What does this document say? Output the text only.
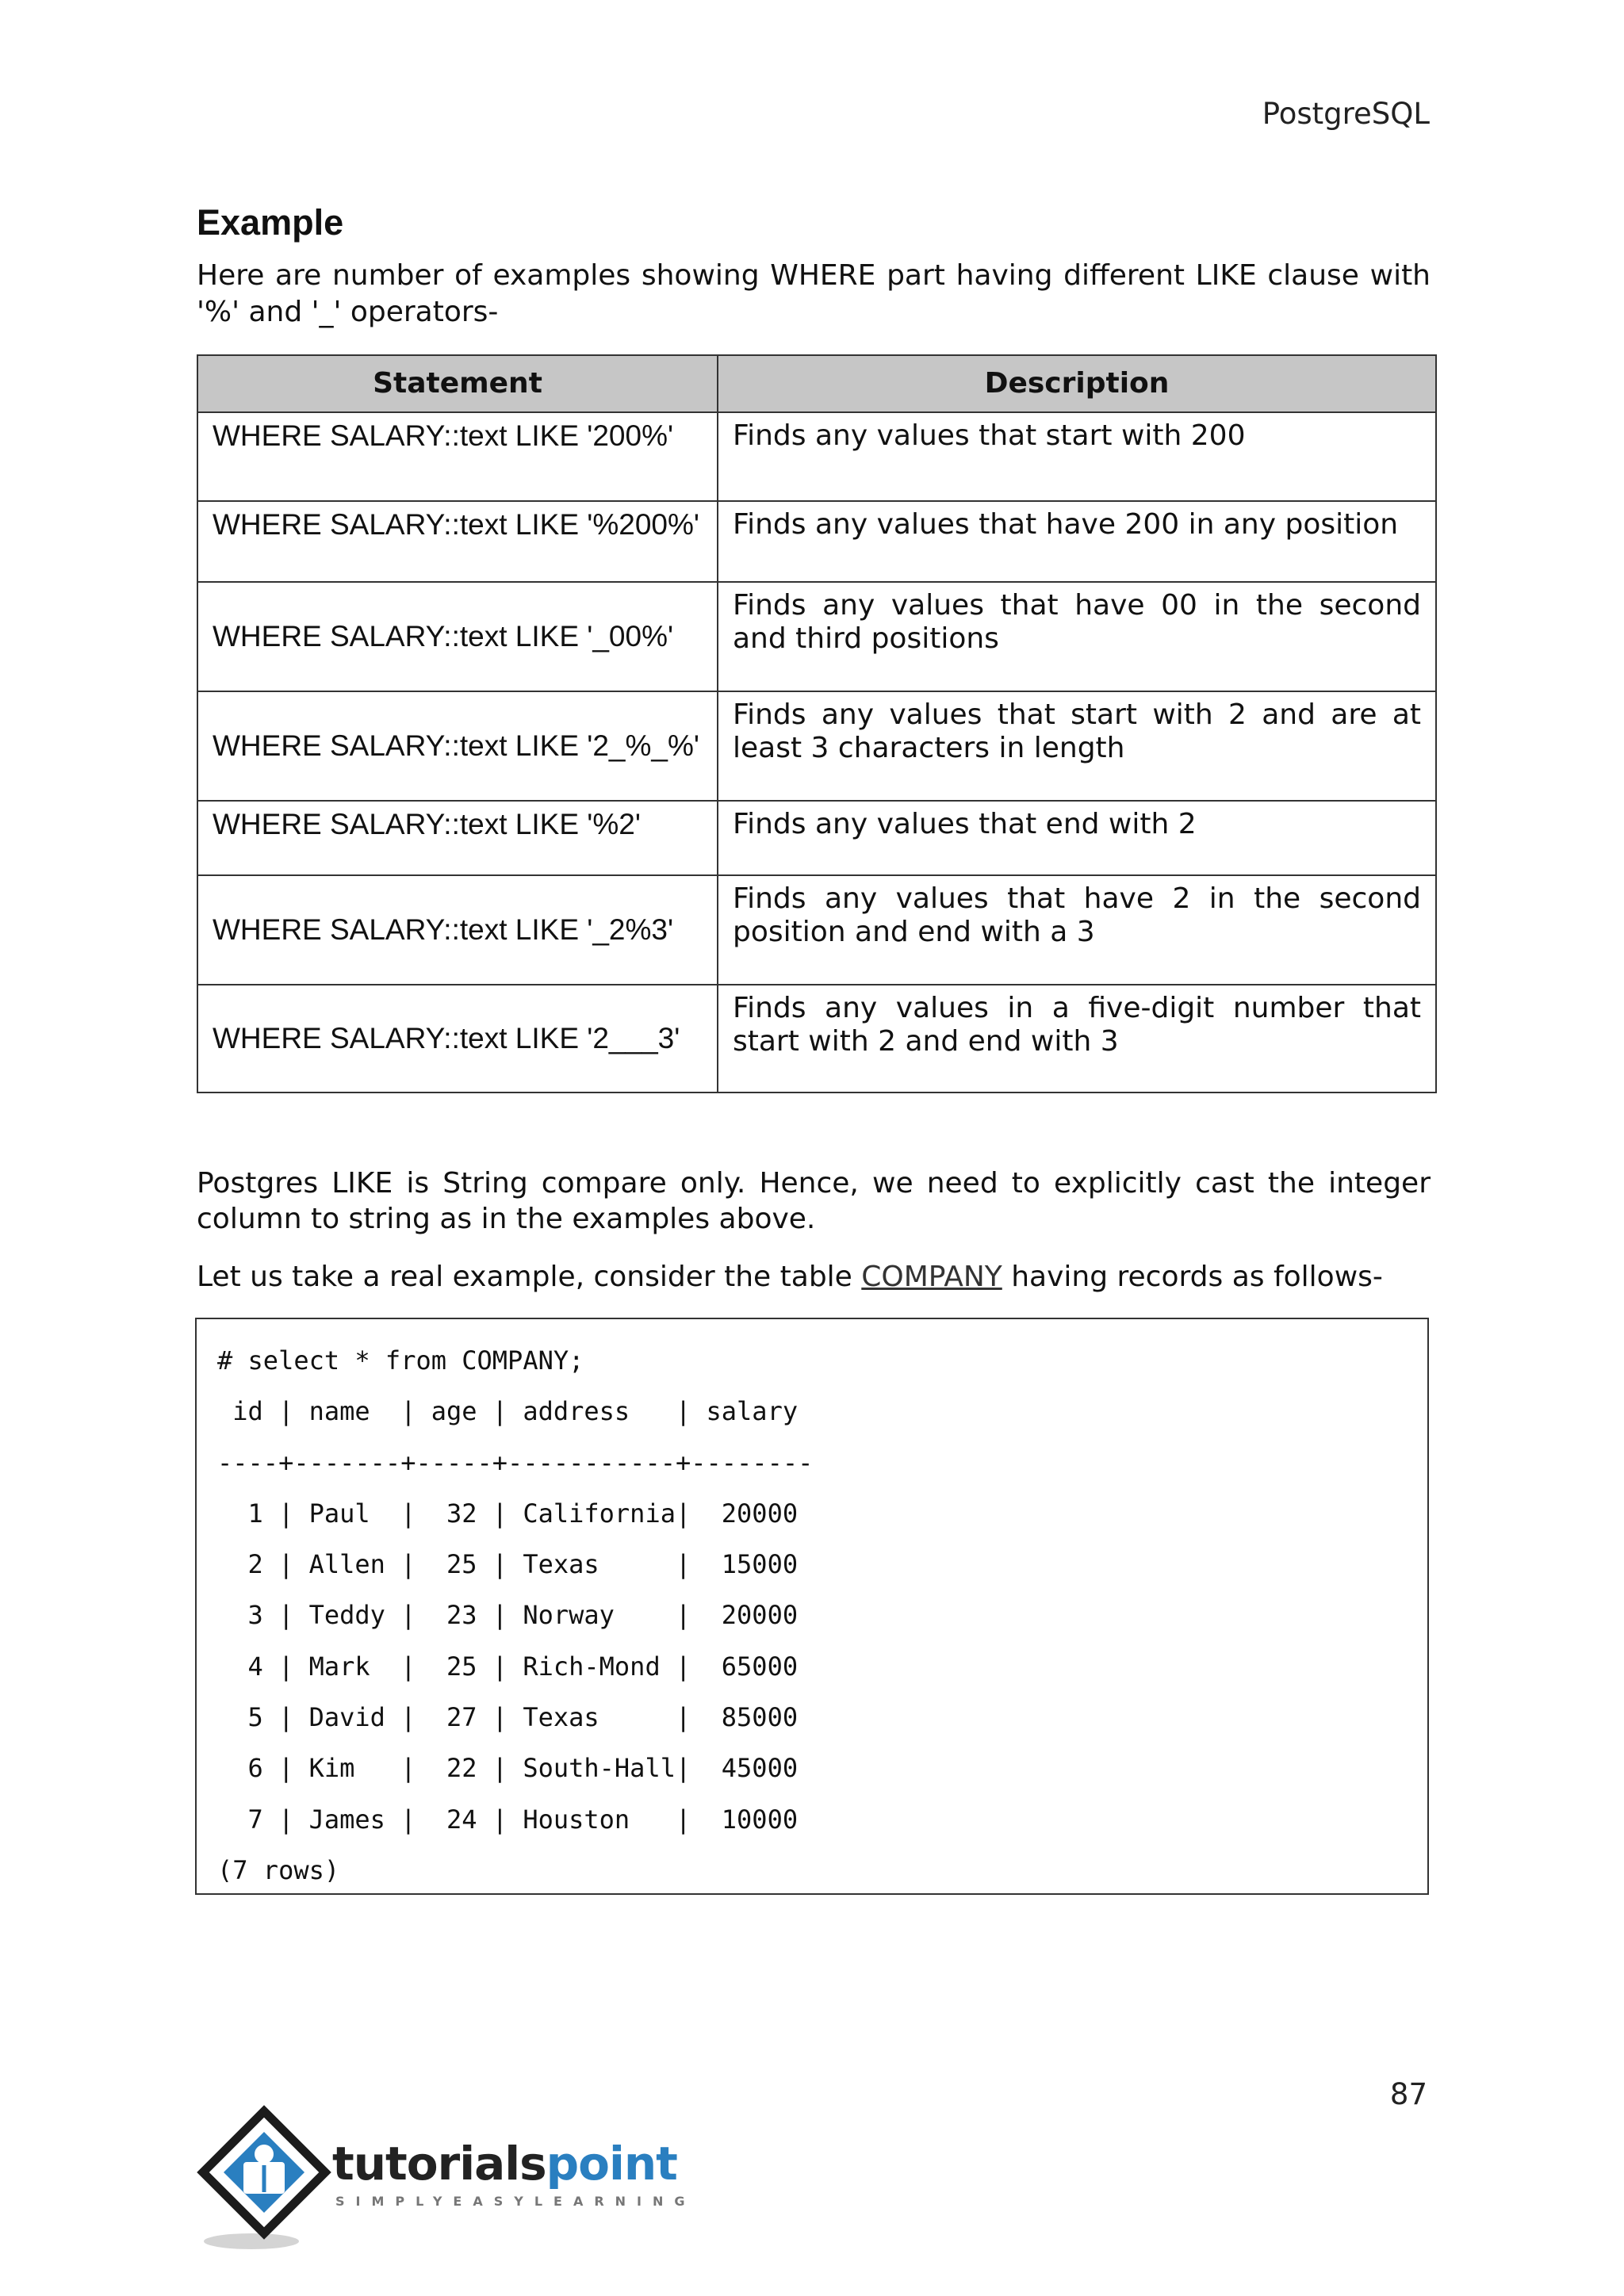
PostgreSQL
Example

Here are number of examples showing WHERE part having different LIKE clause with '%' and '_' operators-

Statement	Description
WHERE SALARY::text LIKE '200%'	Finds any values that start with 200
WHERE SALARY::text LIKE '%200%'	Finds any values that have 200 in any position
WHERE SALARY::text LIKE '_00%'	Finds any values that have 00 in the second and third positions
WHERE SALARY::text LIKE '2_%_%'	Finds any values that start with 2 and are at least 3 characters in length
WHERE SALARY::text LIKE '%2'	Finds any values that end with 2
WHERE SALARY::text LIKE '_2%3'	Finds any values that have 2 in the second position and end with a 3
WHERE SALARY::text LIKE '2___3'	Finds any values in a five-digit number that start with 2 and end with 3

Postgres LIKE is String compare only. Hence, we need to explicitly cast the integer column to string as in the examples above.

Let us take a real example, consider the table COMPANY having records as follows-

# select * from COMPANY;
id | name  | age | address   | salary
----+-------+-----+-----------+--------
1 | Paul  |  32 | California|  20000
2 | Allen |  25 | Texas     |  15000
3 | Teddy |  23 | Norway    |  20000
4 | Mark  |  25 | Rich-Mond |  65000
5 | David |  27 | Texas     |  85000
6 | Kim   |  22 | South-Hall|  45000
7 | James |  24 | Houston   |  10000
(7 rows)
87
tutorialspoint
SIMPLYEASYLEARNING
